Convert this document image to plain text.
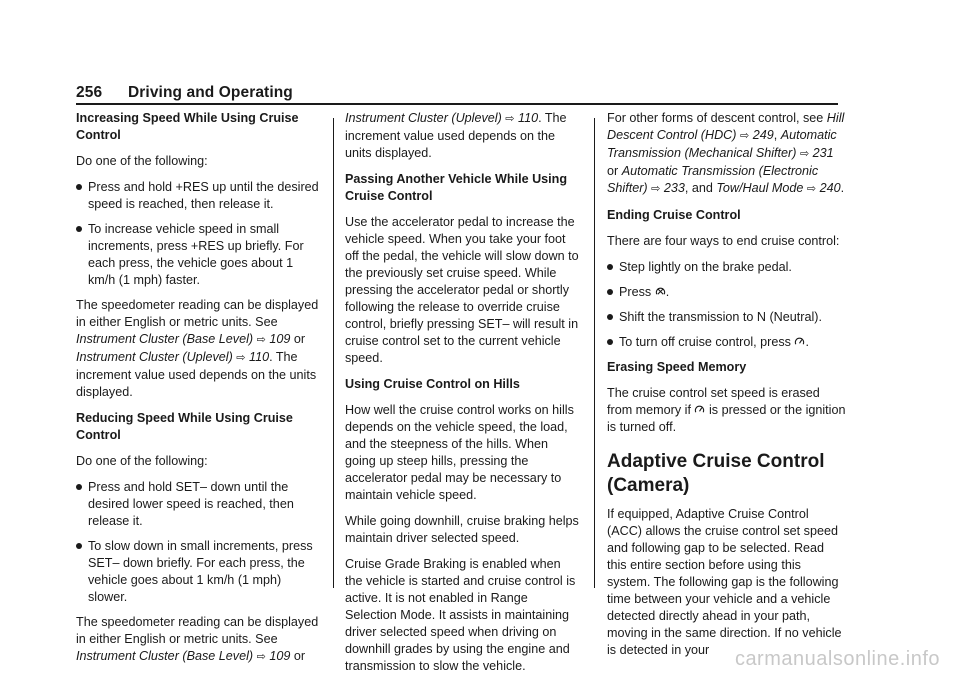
256 Driving and Operating

Increasing Speed While Using Cruise Control

Do one of the following:

Press and hold +RES up until the desired speed is reached, then release it.
To increase vehicle speed in small increments, press +RES up briefly. For each press, the vehicle goes about 1 km/h (1 mph) faster.

The speedometer reading can be displayed in either English or metric units. See Instrument Cluster (Base Level) ⇨ 109 or Instrument Cluster (Uplevel) ⇨ 110. The increment value used depends on the units displayed.

Reducing Speed While Using Cruise Control

Do one of the following:

Press and hold SET– down until the desired lower speed is reached, then release it.
To slow down in small increments, press SET– down briefly. For each press, the vehicle goes about 1 km/h (1 mph) slower.

The speedometer reading can be displayed in either English or metric units. See Instrument Cluster (Base Level) ⇨ 109 or

Instrument Cluster (Uplevel) ⇨ 110. The increment value used depends on the units displayed.

Passing Another Vehicle While Using Cruise Control

Use the accelerator pedal to increase the vehicle speed. When you take your foot off the pedal, the vehicle will slow down to the previously set cruise speed. While pressing the accelerator pedal or shortly following the release to override cruise control, briefly pressing SET– will result in cruise control set to the current vehicle speed.

Using Cruise Control on Hills

How well the cruise control works on hills depends on the vehicle speed, the load, and the steepness of the hills. When going up steep hills, pressing the accelerator pedal may be necessary to maintain vehicle speed.

While going downhill, cruise braking helps maintain driver selected speed.

Cruise Grade Braking is enabled when the vehicle is started and cruise control is active. It is not enabled in Range Selection Mode. It assists in maintaining driver selected speed when driving on downhill grades by using the engine and transmission to slow the vehicle.

For other forms of descent control, see Hill Descent Control (HDC) ⇨ 249, Automatic Transmission (Mechanical Shifter) ⇨ 231 or Automatic Transmission (Electronic Shifter) ⇨ 233, and Tow/Haul Mode ⇨ 240.

Ending Cruise Control

There are four ways to end cruise control:

Step lightly on the brake pedal.
Press .
Shift the transmission to N (Neutral).
To turn off cruise control, press .

Erasing Speed Memory

The cruise control set speed is erased from memory if is pressed or the ignition is turned off.

Adaptive Cruise Control (Camera)

If equipped, Adaptive Cruise Control (ACC) allows the cruise control set speed and following gap to be selected. Read this entire section before using this system. The following gap is the following time between your vehicle and a vehicle detected directly ahead in your path, moving in the same direction. If no vehicle is detected in your	carmanualsonline.info
